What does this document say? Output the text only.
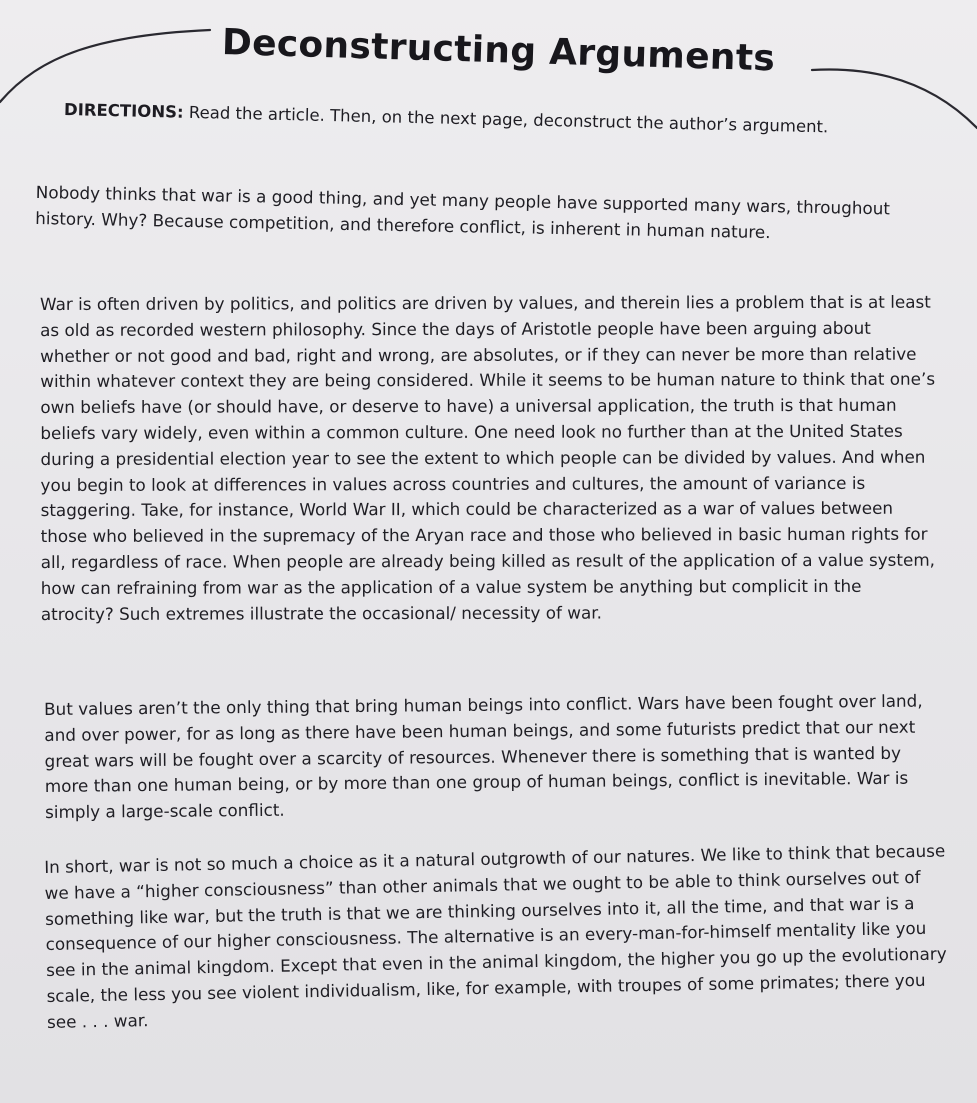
Deconstructing Arguments
DIRECTIONS: Read the article. Then, on the next page, deconstruct the author’s argument.

Nobody thinks that war is a good thing, and yet many people have supported many wars, throughout history. Why? Because competition, and therefore conflict, is inherent in human nature.

War is often driven by politics, and politics are driven by values, and therein lies a problem that is at least as old as recorded western philosophy. Since the days of Aristotle people have been arguing about whether or not good and bad, right and wrong, are absolutes, or if they can never be more than relative within whatever context they are being considered. While it seems to be human nature to think that one’s own beliefs have (or should have, or deserve to have) a universal application, the truth is that human beliefs vary widely, even within a common culture. One need look no further than at the United States during a presidential election year to see the extent to which people can be divided by values. And when you begin to look at differences in values across countries and cultures, the amount of variance is staggering. Take, for instance, World War II, which could be characterized as a war of values between those who believed in the supremacy of the Aryan race and those who believed in basic human rights for all, regardless of race. When people are already being killed as result of the application of a value system, how can refraining from war as the application of a value system be anything but complicit in the atrocity? Such extremes illustrate the occasional/ necessity of war.

But values aren’t the only thing that bring human beings into conflict. Wars have been fought over land, and over power, for as long as there have been human beings, and some futurists predict that our next great wars will be fought over a scarcity of resources. Whenever there is something that is wanted by more than one human being, or by more than one group of human beings, conflict is inevitable. War is simply a large-scale conflict.

In short, war is not so much a choice as it a natural outgrowth of our natures. We like to think that because we have a “higher consciousness” than other animals that we ought to be able to think ourselves out of something like war, but the truth is that we are thinking ourselves into it, all the time, and that war is a consequence of our higher consciousness. The alternative is an every-man-for-himself mentality like you see in the animal kingdom. Except that even in the animal kingdom, the higher you go up the evolutionary scale, the less you see violent individualism, like, for example, with troupes of some primates; there you see . . . war.
